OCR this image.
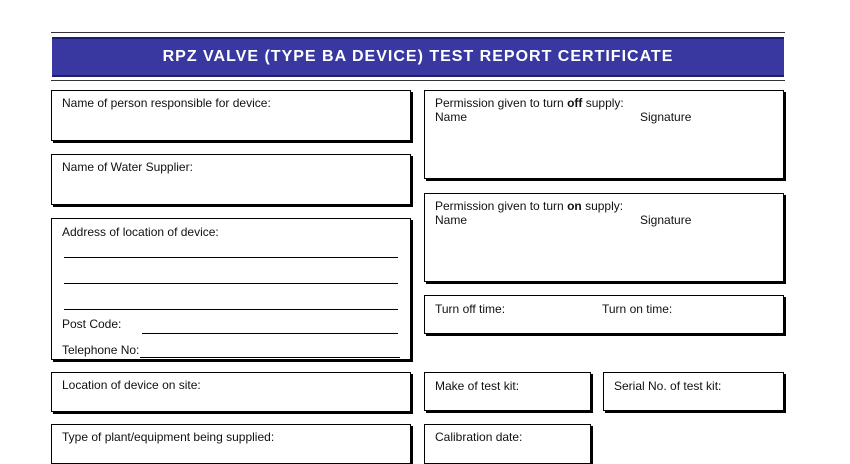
RPZ VALVE (TYPE BA DEVICE) TEST REPORT CERTIFICATE
Name of person responsible for device:
Name of Water Supplier:
Address of location of device:
Post Code:
Telephone No:
Location of device on site:
Type of plant/equipment being supplied:
Permission given to turn off supply:
Name	Signature
Permission given to turn on supply:
Name	Signature
Turn off time:	Turn on time:
Make of test kit:	Serial No. of test kit:
Calibration date:
